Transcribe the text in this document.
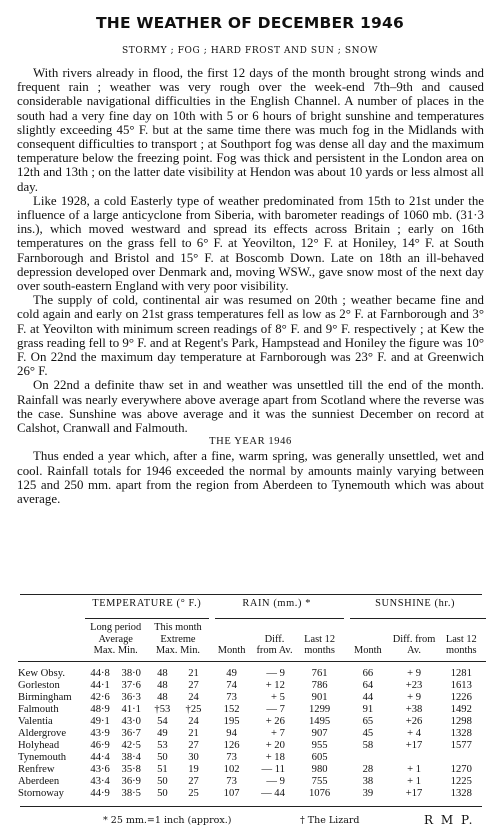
THE WEATHER OF DECEMBER 1946
STORMY ; FOG ; HARD FROST AND SUN ; SNOW

With rivers already in flood, the first 12 days of the month brought strong winds and frequent rain ; weather was very rough over the week-end 7th–9th and caused considerable navigational difficulties in the English Channel. A number of places in the south had a very fine day on 10th with 5 or 6 hours of bright sunshine and temperatures slightly exceeding 45° F. but at the same time there was much fog in the Midlands with consequent difficulties to transport ; at Southport fog was dense all day and the maximum temperature below the freezing point. Fog was thick and persistent in the London area on 12th and 13th ; on the latter date visibility at Hendon was about 10 yards or less almost all day.

Like 1928, a cold Easterly type of weather predominated from 15th to 21st under the influence of a large anticyclone from Siberia, with barometer readings of 1060 mb. (31·3 ins.), which moved westward and spread its effects across Britain ; early on 16th temperatures on the grass fell to 6° F. at Yeovilton, 12° F. at Honiley, 14° F. at South Farnborough and Bristol and 15° F. at Boscomb Down. Late on 18th an ill-behaved depression developed over Denmark and, moving WSW., gave snow most of the next day over south-eastern England with very poor visibility.

The supply of cold, continental air was resumed on 20th ; weather became fine and cold again and early on 21st grass temperatures fell as low as 2° F. at Farnborough and 3° F. at Yeovilton with minimum screen readings of 8° F. and 9° F. respectively ; at Kew the grass reading fell to 9° F. and at Regent's Park, Hampstead and Honiley the figure was 10° F. On 22nd the maximum day temperature at Farnborough was 23° F. and at Greenwich 26° F.

On 22nd a definite thaw set in and weather was unsettled till the end of the month. Rainfall was nearly everywhere above average apart from Scotland where the reverse was the case. Sunshine was above average and it was the sunniest December on record at Calshot, Cranwall and Falmouth.

THE YEAR 1946

Thus ended a year which, after a fine, warm spring, was generally unsettled, wet and cool. Rainfall totals for 1946 exceeded the normal by amounts mainly varying between 125 and 250 mm. apart from the region from Aberdeen to Tynemouth which was about average.

	TEMPERATURE (° F.)				RAIN (mm.) *			SUNSHINE (hr.)		

	Long period Average
Max. Min.		This month Extreme
Max. Min.		Month	Diff. from Av.	Last 12 months	Month	Diff. from Av.	Last 12 months

Kew Obsy.	44·8	38·0	48	21	49	— 9	761	66	+ 9	1281
Gorleston	44·1	37·6	48	27	74	+ 12	786	64	+23	1613
Birmingham	42·6	36·3	48	24	73	+ 5	901	44	+ 9	1226
Falmouth	48·9	41·1	†53	†25	152	— 7	1299	91	+38	1492
Valentia	49·1	43·0	54	24	195	+ 26	1495	65	+26	1298
Aldergrove	43·9	36·7	49	21	94	+ 7	907	45	+ 4	1328
Holyhead	46·9	42·5	53	27	126	+ 20	955	58	+17	1577
Tynemouth	44·4	38·4	50	30	73	+ 18	605			
Renfrew	43·6	35·8	51	19	102	— 11	980	28	+ 1	1270
Aberdeen	43·4	36·9	50	27	73	— 9	755	38	+ 1	1225
Stornoway	44·9	38·5	50	25	107	— 44	1076	39	+17	1328
* 25 mm.=1 inch (approx.)	† The Lizard	R M P.
